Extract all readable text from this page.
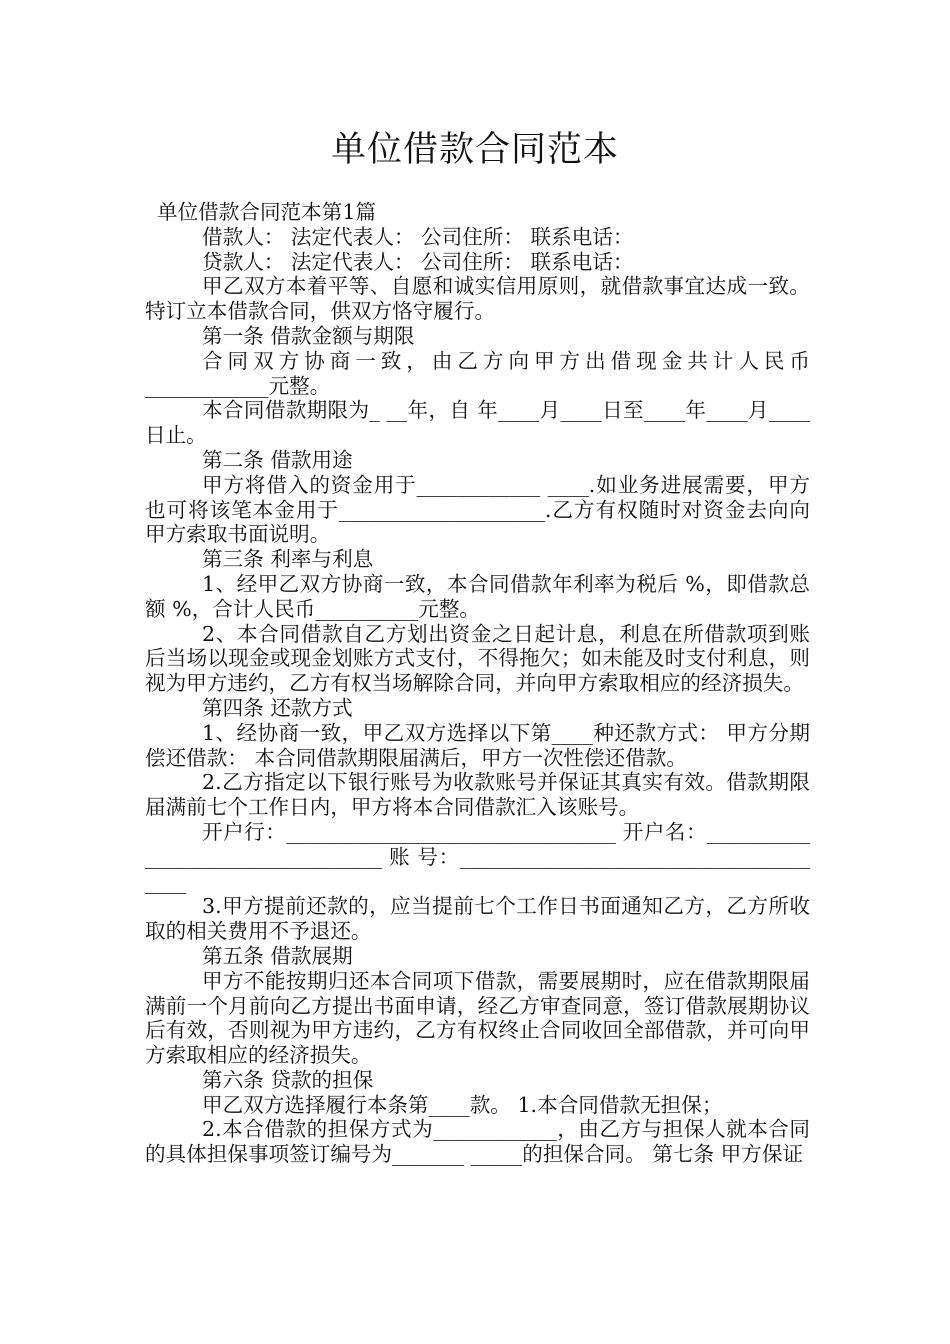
单位借款合同范本

单位借款合同范本第1篇

借款人： 法定代表人： 公司住所： 联系电话：

贷款人： 法定代表人： 公司住所： 联系电话：

甲乙双方本着平等、自愿和诚实信用原则，就借款事宜达成一致。特订立本借款合同，供双方恪守履行。

第一条 借款金额与期限

合同双方协商一致，由乙方向甲方出借现金共计人民币____________元整。

本合同借款期限为_ __年，自 年____月____日至____年____月____日止。

第二条 借款用途

甲方将借入的资金用于____________ ____.如业务进展需要，甲方也可将该笔本金用于____________________.乙方有权随时对资金去向向甲方索取书面说明。

第三条 利率与利息

1、经甲乙双方协商一致，本合同借款年利率为税后 %，即借款总额 %，合计人民币__________元整。

2、本合同借款自乙方划出资金之日起计息，利息在所借款项到账后当场以现金或现金划账方式支付，不得拖欠；如未能及时支付利息，则视为甲方违约，乙方有权当场解除合同，并向甲方索取相应的经济损失。

第四条 还款方式

1、经协商一致，甲乙双方选择以下第____种还款方式： 甲方分期偿还借款： 本合同借款期限届满后，甲方一次性偿还借款。

2.乙方指定以下银行账号为收款账号并保证其真实有效。借款期限届满前七个工作日内，甲方将本合同借款汇入该账号。

开户行：________________________________ 开户名：_________________________________ 账 号：______________________________________

3.甲方提前还款的，应当提前七个工作日书面通知乙方，乙方所收取的相关费用不予退还。

第五条 借款展期

甲方不能按期归还本合同项下借款，需要展期时，应在借款期限届满前一个月前向乙方提出书面申请，经乙方审查同意，签订借款展期协议后有效，否则视为甲方违约，乙方有权终止合同收回全部借款，并可向甲方索取相应的经济损失。

第六条 贷款的担保

甲乙双方选择履行本条第____款。 1.本合同借款无担保；

2.本合借款的担保方式为____________，由乙方与担保人就本合同的具体担保事项签订编号为_______ _____的担保合同。 第七条 甲方保证
